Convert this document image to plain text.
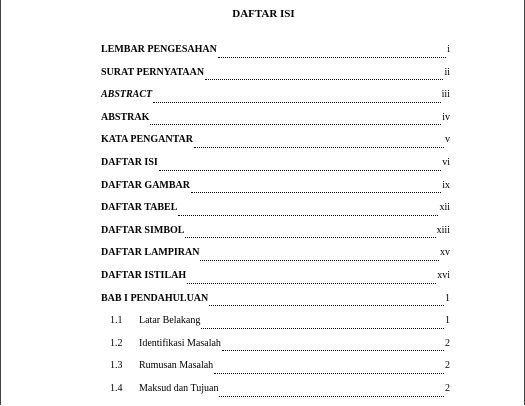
DAFTAR ISI
LEMBAR PENGESAHAN	i
SURAT PERNYATAAN	ii
ABSTRACT	iii
ABSTRAK	iv
KATA PENGANTAR	v
DAFTAR ISI	vi
DAFTAR GAMBAR	ix
DAFTAR TABEL	xii
DAFTAR SIMBOL	xiii
DAFTAR LAMPIRAN	xv
DAFTAR ISTILAH	xvi
BAB I PENDAHULUAN	1
1.1	Latar Belakang	1
1.2	Identifikasi Masalah	2
1.3	Rumusan Masalah	2
1.4	Maksud dan Tujuan	2
